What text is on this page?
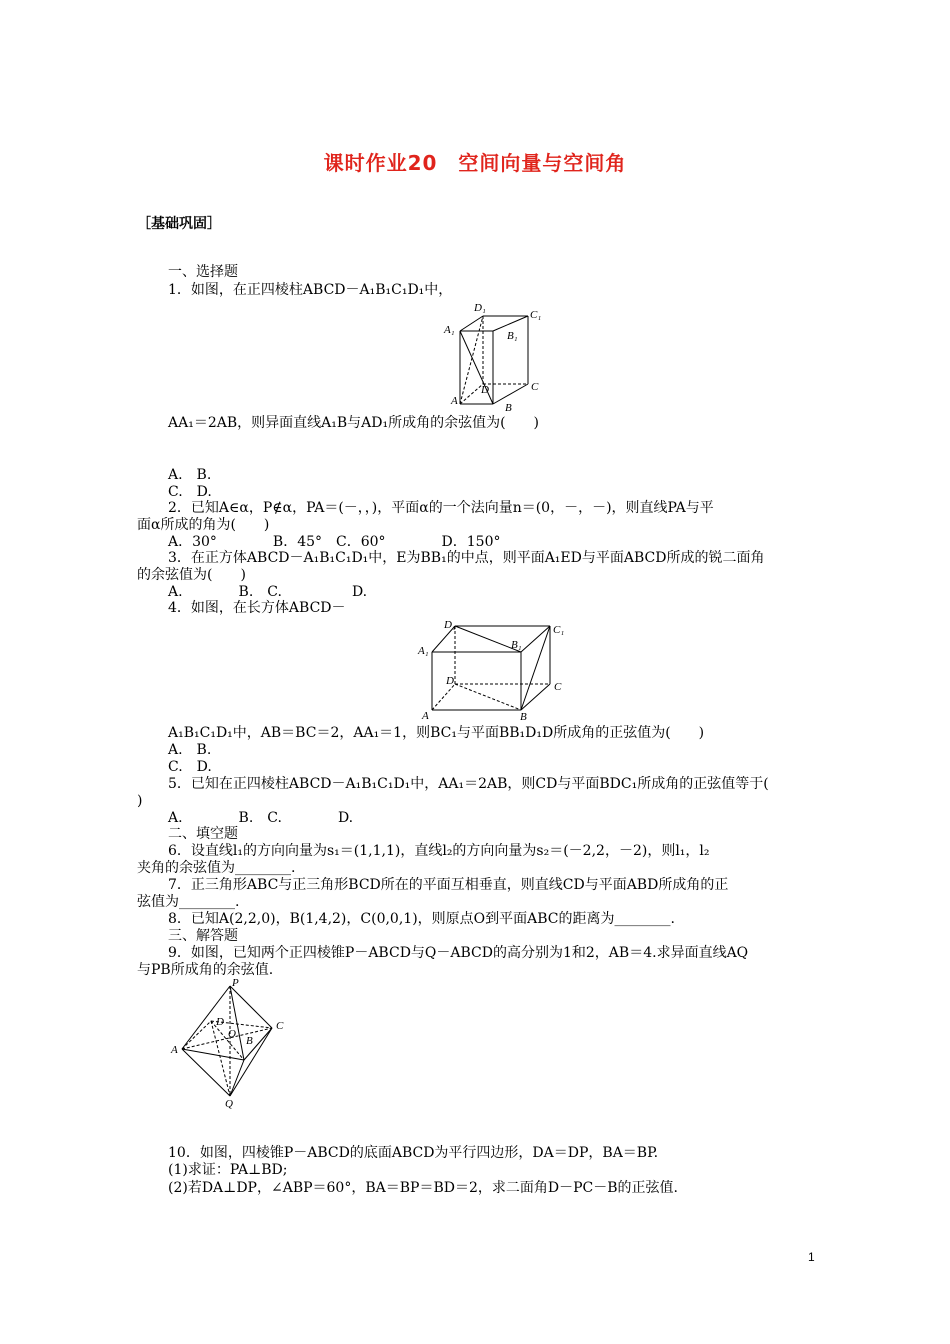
课时作业20　空间向量与空间角
［基础巩固］
一、选择题
1．如图，在正四棱柱ABCD－A₁B₁C₁D₁中，
D₁
C₁
A₁	B₁
D	C
A
B
AA₁＝2AB，则异面直线A₁B与AD₁所成角的余弦值为(　　)
A.　B.
C.　D.
2．已知A∈α，P∉α，PA＝(－，，)，平面α的一个法向量n＝(0，－，－)，则直线PA与平
面α所成的角为(　　)
A．30°　　　　B．45°　C．60°　　　　D．150°
3．在正方体ABCD－A₁B₁C₁D₁中，E为BB₁的中点，则平面A₁ED与平面ABCD所成的锐二面角
的余弦值为(　　)
A.　　　　B.　C.　　　　　D.
4．如图，在长方体ABCD－
D₁
B₁
C₁
A₁
D	C
A	B
A₁B₁C₁D₁中，AB＝BC＝2，AA₁＝1，则BC₁与平面BB₁D₁D所成角的正弦值为(　　)
A.　B.
C.　D.
5．已知在正四棱柱ABCD－A₁B₁C₁D₁中，AA₁＝2AB，则CD与平面BDC₁所成角的正弦值等于(
)
A.　　　　B.　C.　　　　D.
二、填空题
6．设直线l₁的方向向量为s₁＝(1,1,1)，直线l₂的方向向量为s₂＝(－2,2，－2)，则l₁，l₂
夹角的余弦值为________.
7．正三角形ABC与正三角形BCD所在的平面互相垂直，则直线CD与平面ABD所成角的正
弦值为________.
8．已知A(2,2,0)，B(1,4,2)，C(0,0,1)，则原点O到平面ABC的距离为________.
三、解答题
9．如图，已知两个正四棱锥P－ABCD与Q－ABCD的高分别为1和2，AB＝4.求异面直线AQ
与PB所成角的余弦值.
P
D
O
B
A
C
Q
10．如图，四棱锥P－ABCD的底面ABCD为平行四边形，DA＝DP，BA＝BP.
(1)求证：PA⊥BD;
(2)若DA⊥DP，∠ABP＝60°，BA＝BP＝BD＝2，求二面角D－PC－B的正弦值.
1
